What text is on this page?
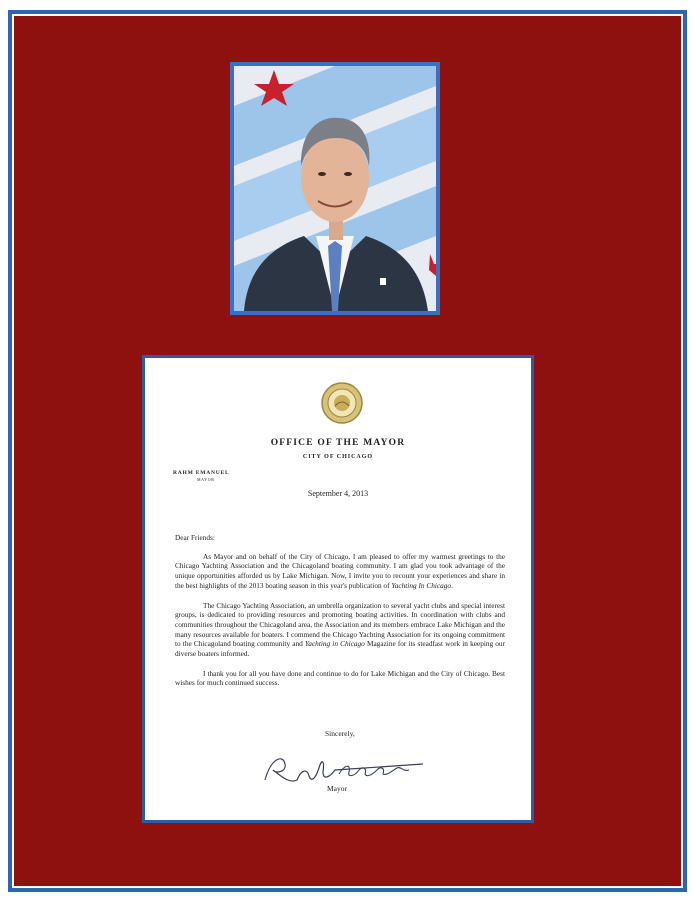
OFFICE OF THE MAYOR
CITY OF CHICAGO
RAHM EMANUEL
MAYOR
September 4, 2013

Dear Friends:

As Mayor and on behalf of the City of Chicago, I am pleased to offer my warmest greetings to the Chicago Yachting Association and the Chicagoland boating community. I am glad you took advantage of the unique opportunities afforded us by Lake Michigan. Now, I invite you to recount your experiences and share in the best highlights of the 2013 boating season in this year's publication of Yachting In Chicago.

The Chicago Yachting Association, an umbrella organization to several yacht clubs and special interest groups, is dedicated to providing resources and promoting boating activities. In coordination with clubs and communities throughout the Chicagoland area, the Association and its members embrace Lake Michigan and the many resources available for boaters. I commend the Chicago Yachting Association for its ongoing commitment to the Chicagoland boating community and Yachting in Chicago Magazine for its steadfast work in keeping our diverse boaters informed.

I thank you for all you have done and continue to do for Lake Michigan and the City of Chicago. Best wishes for much continued success.

Sincerely,
Mayor
